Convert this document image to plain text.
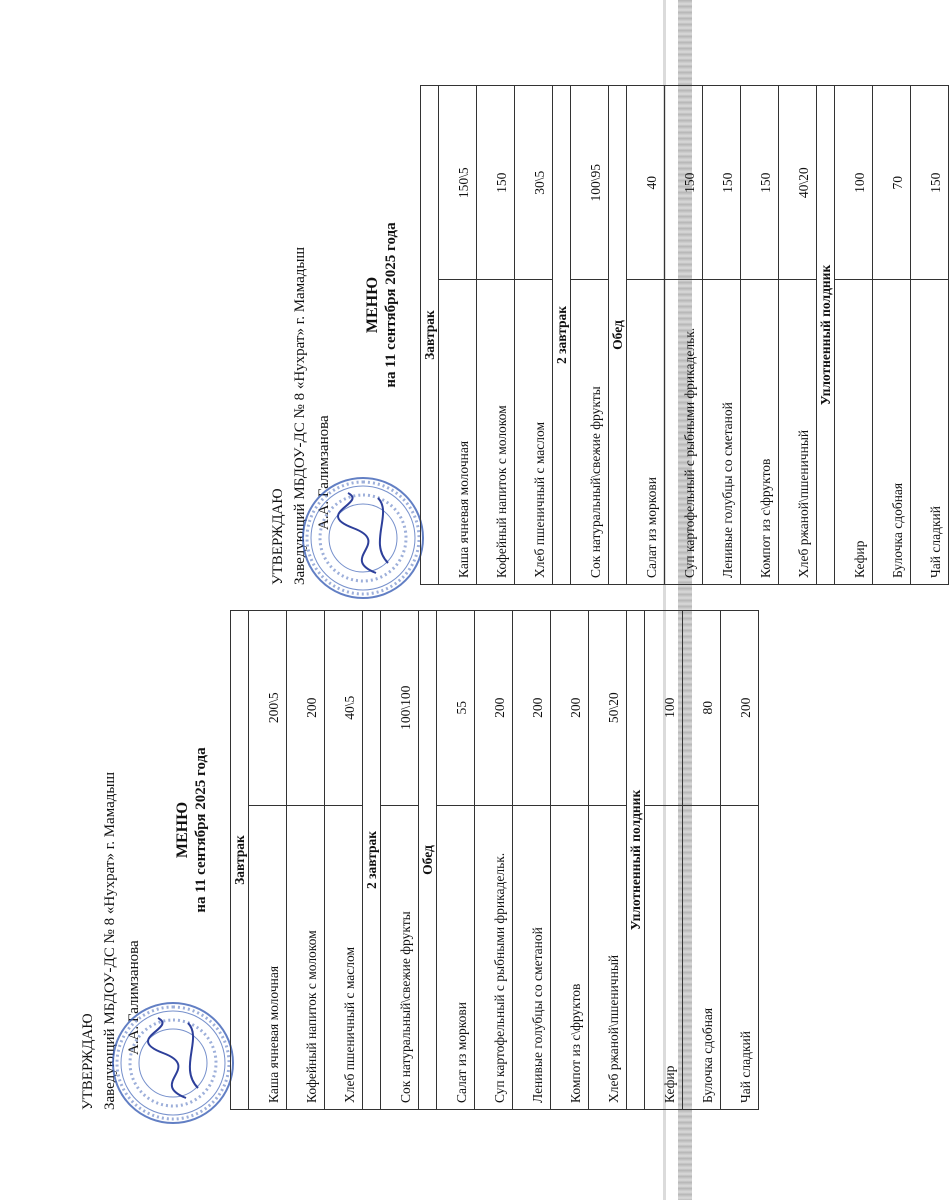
УТВЕРЖДАЮ Заведующий МБДОУ-ДС № 8 «Нухрат» г. Мамадыш А.А. Галимзанова
МЕНЮ на 11 сентября 2025 года Завтрак	
Каша ячневая молочная	200\5
Кофейный напиток с молоком	200
Хлеб пшеничный с маслом	40\5
2 завтрак	
Сок натуральный\свежие фрукты	100\100
Обед	
Салат из моркови	55
Суп картофельный с рыбными фрикадельк.	200
Ленивые голубцы со сметаной	200
Компот из с\фруктов	200
Хлеб ржаной\пшеничный	50\20
Уплотненный полдник	
Кефир	100
Булочка сдобная	80
Чай сладкий	200
УТВЕРЖДАЮ Заведующий МБДОУ-ДС № 8 «Нухрат» г. Мамадыш А.А. Галимзанова
МЕНЮ на 11 сентября 2025 года Завтрак	
Каша ячневая молочная	150\5
Кофейный напиток с молоком	150
Хлеб пшеничный с маслом	30\5
2 завтрак	
Сок натуральный\свежие фрукты	100\95
Обед	
Салат из моркови	40
Суп картофельный с рыбными фрикадельк.	150
Ленивые голубцы со сметаной	150
Компот из с\фруктов	150
Хлеб ржаной\пшеничный	40\20
Уплотненный полдник	
Кефир	100
Булочка сдобная	70
Чай сладкий	150
